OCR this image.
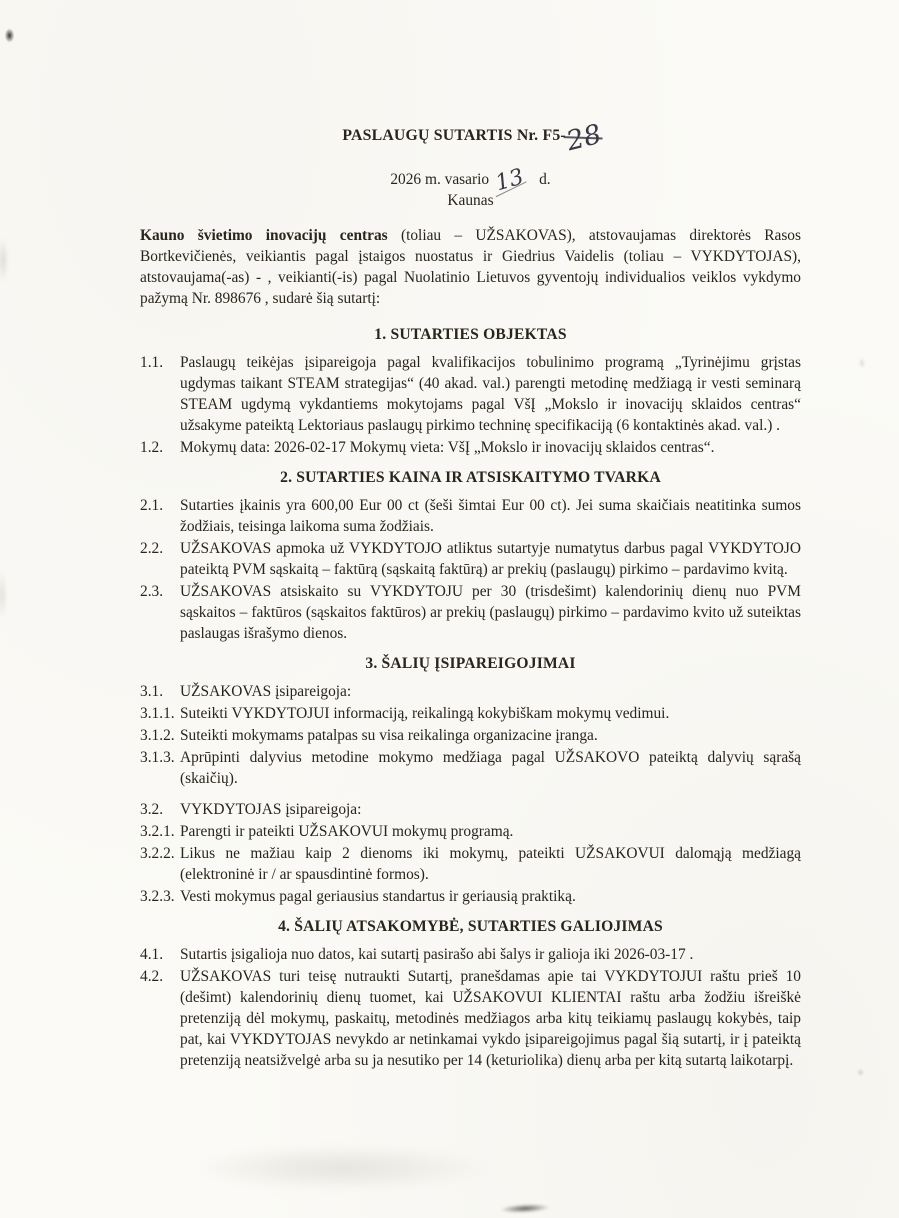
PASLAUGŲ SUTARTIS Nr. F5-28
2026 m. vasario 13 d.
Kaunas

Kauno švietimo inovacijų centras (toliau – UŽSAKOVAS), atstovaujamas direktorės Rasos Bortkevičienės, veikiantis pagal įstaigos nuostatus ir Giedrius Vaidelis (toliau – VYKDYTOJAS), atstovaujama(-as) - , veikianti(-is) pagal Nuolatinio Lietuvos gyventojų individualios veiklos vykdymo pažymą Nr. 898676 , sudarė šią sutartį:

1. SUTARTIES OBJEKTAS
1.1.	Paslaugų teikėjas įsipareigoja pagal kvalifikacijos tobulinimo programą „Tyrinėjimu grįstas ugdymas taikant STEAM strategijas“ (40 akad. val.) parengti metodinę medžiagą ir vesti seminarą STEAM ugdymą vykdantiems mokytojams pagal VšĮ „Mokslo ir inovacijų sklaidos centras“ užsakyme pateiktą Lektoriaus paslaugų pirkimo techninę specifikaciją (6 kontaktinės akad. val.) .
1.2.	Mokymų data: 2026-02-17 Mokymų vieta: VšĮ „Mokslo ir inovacijų sklaidos centras“.
2. SUTARTIES KAINA IR ATSISKAITYMO TVARKA
2.1.	Sutarties įkainis yra 600,00 Eur 00 ct (šeši šimtai Eur 00 ct). Jei suma skaičiais neatitinka sumos žodžiais, teisinga laikoma suma žodžiais.
2.2.	UŽSAKOVAS apmoka už VYKDYTOJO atliktus sutartyje numatytus darbus pagal VYKDYTOJO pateiktą PVM sąskaitą – faktūrą (sąskaitą faktūrą) ar prekių (paslaugų) pirkimo – pardavimo kvitą.
2.3.	UŽSAKOVAS atsiskaito su VYKDYTOJU per 30 (trisdešimt) kalendorinių dienų nuo PVM sąskaitos – faktūros (sąskaitos faktūros) ar prekių (paslaugų) pirkimo – pardavimo kvito už suteiktas paslaugas išrašymo dienos.
3. ŠALIŲ ĮSIPAREIGOJIMAI
3.1.	UŽSAKOVAS įsipareigoja:
3.1.1. Suteikti VYKDYTOJUI informaciją, reikalingą kokybiškam mokymų vedimui.
3.1.2. Suteikti mokymams patalpas su visa reikalinga organizacine įranga.
3.1.3. Aprūpinti dalyvius metodine mokymo medžiaga pagal UŽSAKOVO pateiktą dalyvių sąrašą (skaičių).
3.2.	VYKDYTOJAS įsipareigoja:
3.2.1. Parengti ir pateikti UŽSAKOVUI mokymų programą.
3.2.2. Likus ne mažiau kaip 2 dienoms iki mokymų, pateikti UŽSAKOVUI dalomąją medžiagą (elektroninė ir / ar spausdintinė formos).
3.2.3. Vesti mokymus pagal geriausius standartus ir geriausią praktiką.
4. ŠALIŲ ATSAKOMYBĖ, SUTARTIES GALIOJIMAS
4.1.	Sutartis įsigalioja nuo datos, kai sutartį pasirašo abi šalys ir galioja iki 2026-03-17 .
4.2.	UŽSAKOVAS turi teisę nutraukti Sutartį, pranešdamas apie tai VYKDYTOJUI raštu prieš 10 (dešimt) kalendorinių dienų tuomet, kai UŽSAKOVUI KLIENTAI raštu arba žodžiu išreiškė pretenziją dėl mokymų, paskaitų, metodinės medžiagos arba kitų teikiamų paslaugų kokybės, taip pat, kai VYKDYTOJAS nevykdo ar netinkamai vykdo įsipareigojimus pagal šią sutartį, ir į pateiktą pretenziją neatsižvelgė arba su ja nesutiko per 14 (keturiolika) dienų arba per kitą sutartą laikotarpį.
